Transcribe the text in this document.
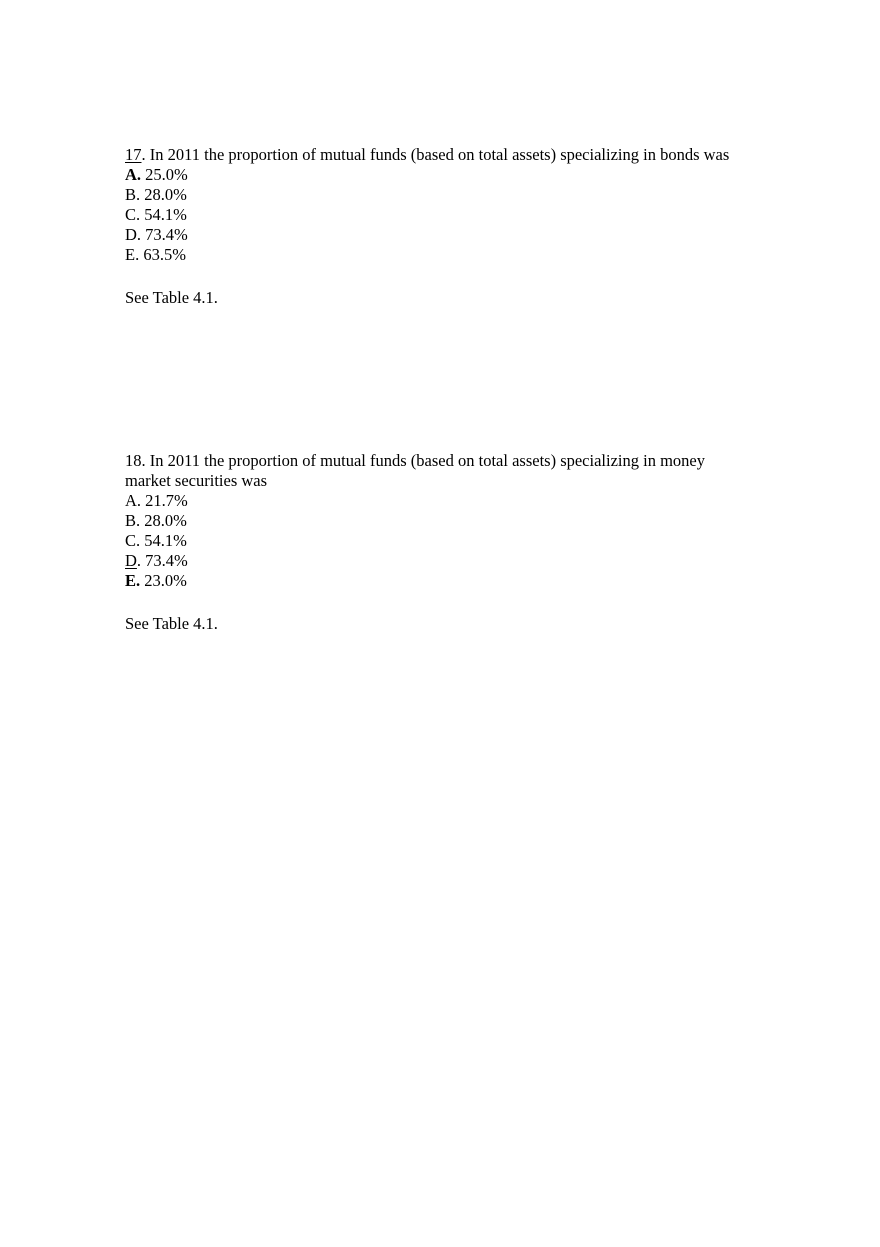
17. In 2011 the proportion of mutual funds (based on total assets) specializing in bonds was

A. 25.0%
B. 28.0%
C. 54.1%
D. 73.4%
E. 63.5%

See Table 4.1.

18. In 2011 the proportion of mutual funds (based on total assets) specializing in money
market securities was

A. 21.7%
B. 28.0%
C. 54.1%
D. 73.4%
E. 23.0%

See Table 4.1.
